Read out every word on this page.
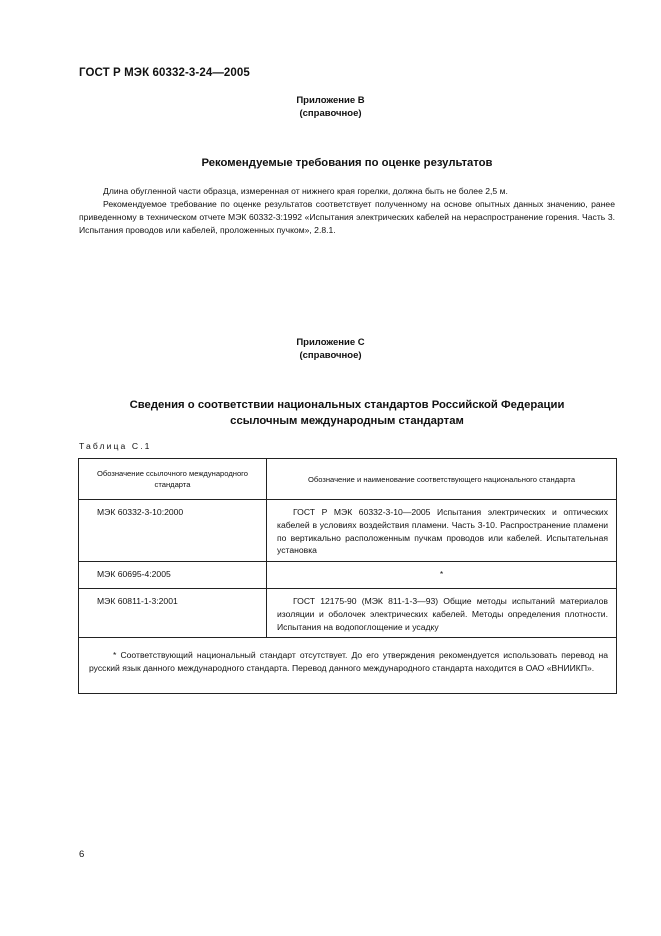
ГОСТ Р МЭК 60332-3-24—2005
Приложение В
(справочное)
Рекомендуемые требования по оценке результатов

Длина обугленной части образца, измеренная от нижнего края горелки, должна быть не более 2,5 м.

Рекомендуемое требование по оценке результатов соответствует полученному на основе опытных данных значению, ранее приведенному в техническом отчете МЭК 60332-3:1992 «Испытания электрических кабелей на нераспространение горения. Часть 3. Испытания проводов или кабелей, проложенных пучком», 2.8.1.

Приложение С
(справочное)
Сведения о соответствии национальных стандартов Российской Федерации
ссылочным международным стандартам
Таблица С.1
Обозначение ссылочного международного стандарта	Обозначение и наименование соответствующего национального стандарта
МЭК 60332-3-10:2000	ГОСТ Р МЭК 60332-3-10—2005 Испытания электрических и оптических кабелей в условиях воздействия пламени. Часть 3-10. Распространение пламени по вертикально расположенным пучкам проводов или кабелей. Испытательная установка
МЭК 60695-4:2005	*
МЭК 60811-1-3:2001	ГОСТ 12175-90 (МЭК 811-1-3—93) Общие методы испытаний материалов изоляции и оболочек электрических кабелей. Методы определения плотности. Испытания на водопоглощение и усадку
* Соответствующий национальный стандарт отсутствует. До его утверждения рекомендуется использовать перевод на русский язык данного международного стандарта. Перевод данного международного стандарта находится в ОАО «ВНИИКП».	
6
